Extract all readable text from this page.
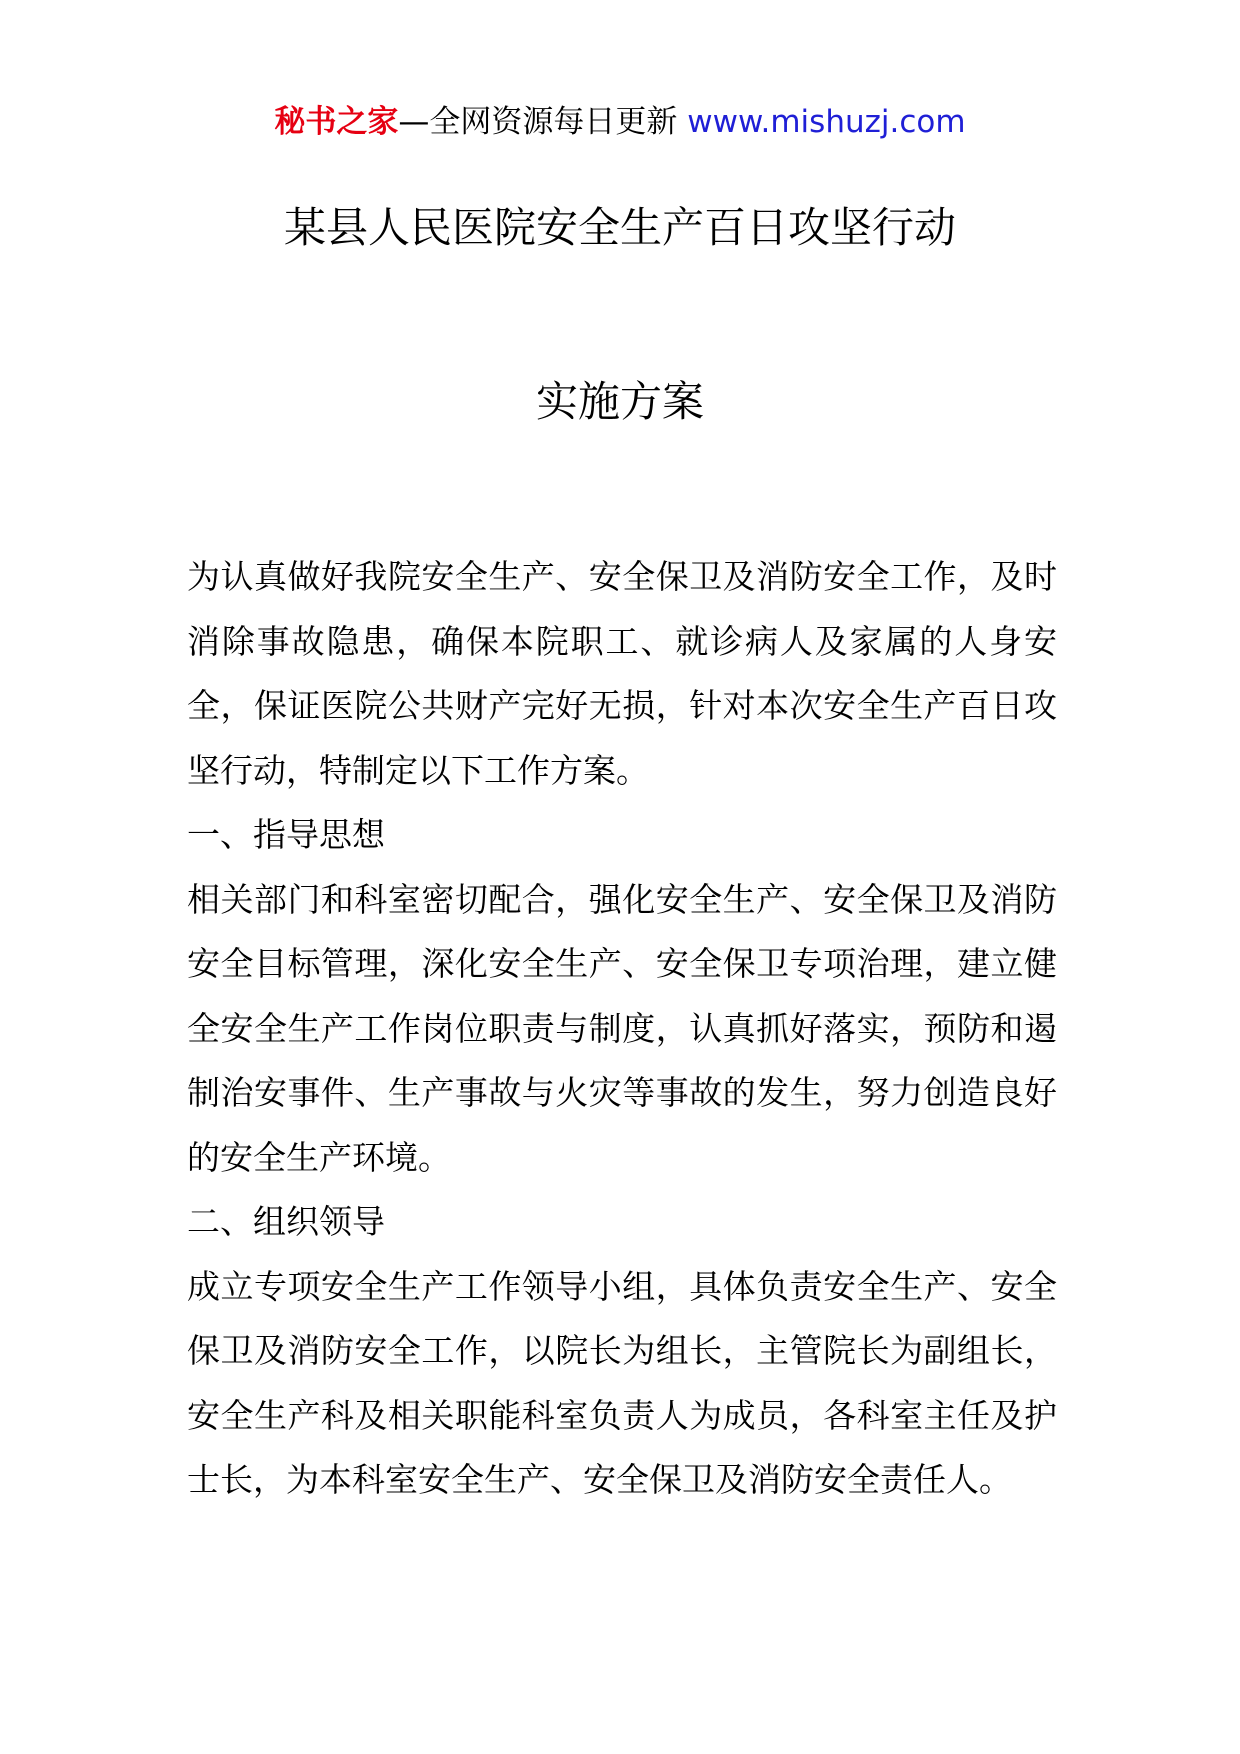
秘书之家—全网资源每日更新 www.mishuzj.com
某县人民医院安全生产百日攻坚行动
实施方案

为认真做好我院安全生产、安全保卫及消防安全工作，及时消除事故隐患，确保本院职工、就诊病人及家属的人身安全，保证医院公共财产完好无损，针对本次安全生产百日攻坚行动，特制定以下工作方案。

一、指导思想

相关部门和科室密切配合，强化安全生产、安全保卫及消防安全目标管理，深化安全生产、安全保卫专项治理，建立健全安全生产工作岗位职责与制度，认真抓好落实，预防和遏制治安事件、生产事故与火灾等事故的发生，努力创造良好的安全生产环境。

二、组织领导

成立专项安全生产工作领导小组，具体负责安全生产、安全保卫及消防安全工作，以院长为组长，主管院长为副组长，安全生产科及相关职能科室负责人为成员，各科室主任及护士长，为本科室安全生产、安全保卫及消防安全责任人。
